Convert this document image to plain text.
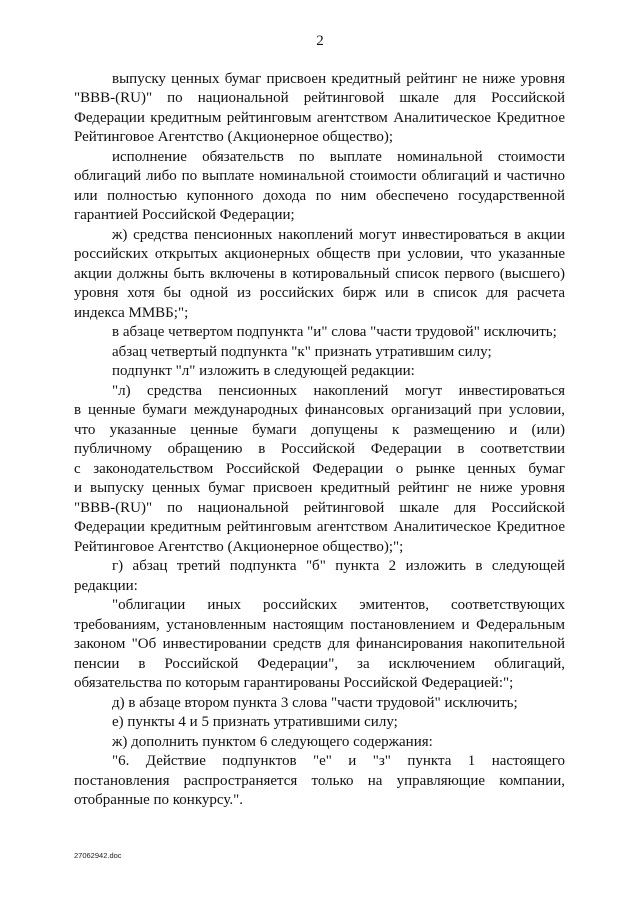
2
выпуску ценных бумаг присвоен кредитный рейтинг не ниже уровня
"BBB-(RU)" по национальной рейтинговой шкале для Российской
Федерации кредитным рейтинговым агентством Аналитическое Кредитное
Рейтинговое Агентство (Акционерное общество);
исполнение обязательств по выплате номинальной стоимости
облигаций либо по выплате номинальной стоимости облигаций и частично
или полностью купонного дохода по ним обеспечено государственной
гарантией Российской Федерации;
ж) средства пенсионных накоплений могут инвестироваться в акции
российских открытых акционерных обществ при условии, что указанные
акции должны быть включены в котировальный список первого (высшего)
уровня хотя бы одной из российских бирж или в список для расчета
индекса ММВБ;";
в абзаце четвертом подпункта "и" слова "части трудовой" исключить;
абзац четвертый подпункта "к" признать утратившим силу;
подпункт "л" изложить в следующей редакции:
"л) средства пенсионных накоплений могут инвестироваться
в ценные бумаги международных финансовых организаций при условии,
что указанные ценные бумаги допущены к размещению и (или)
публичному обращению в Российской Федерации в соответствии
с законодательством Российской Федерации о рынке ценных бумаг
и выпуску ценных бумаг присвоен кредитный рейтинг не ниже уровня
"BBB-(RU)" по национальной рейтинговой шкале для Российской
Федерации кредитным рейтинговым агентством Аналитическое Кредитное
Рейтинговое Агентство (Акционерное общество);";
г) абзац третий подпункта "б" пункта 2 изложить в следующей
редакции:
"облигации иных российских эмитентов, соответствующих
требованиям, установленным настоящим постановлением и Федеральным
законом "Об инвестировании средств для финансирования накопительной
пенсии в Российской Федерации", за исключением облигаций,
обязательства по которым гарантированы Российской Федерацией:";
д) в абзаце втором пункта 3 слова "части трудовой" исключить;
е) пункты 4 и 5 признать утратившими силу;
ж) дополнить пунктом 6 следующего содержания:
"6. Действие подпунктов "е" и "з" пункта 1 настоящего
постановления распространяется только на управляющие компании,
отобранные по конкурсу.".
27062942.doc
